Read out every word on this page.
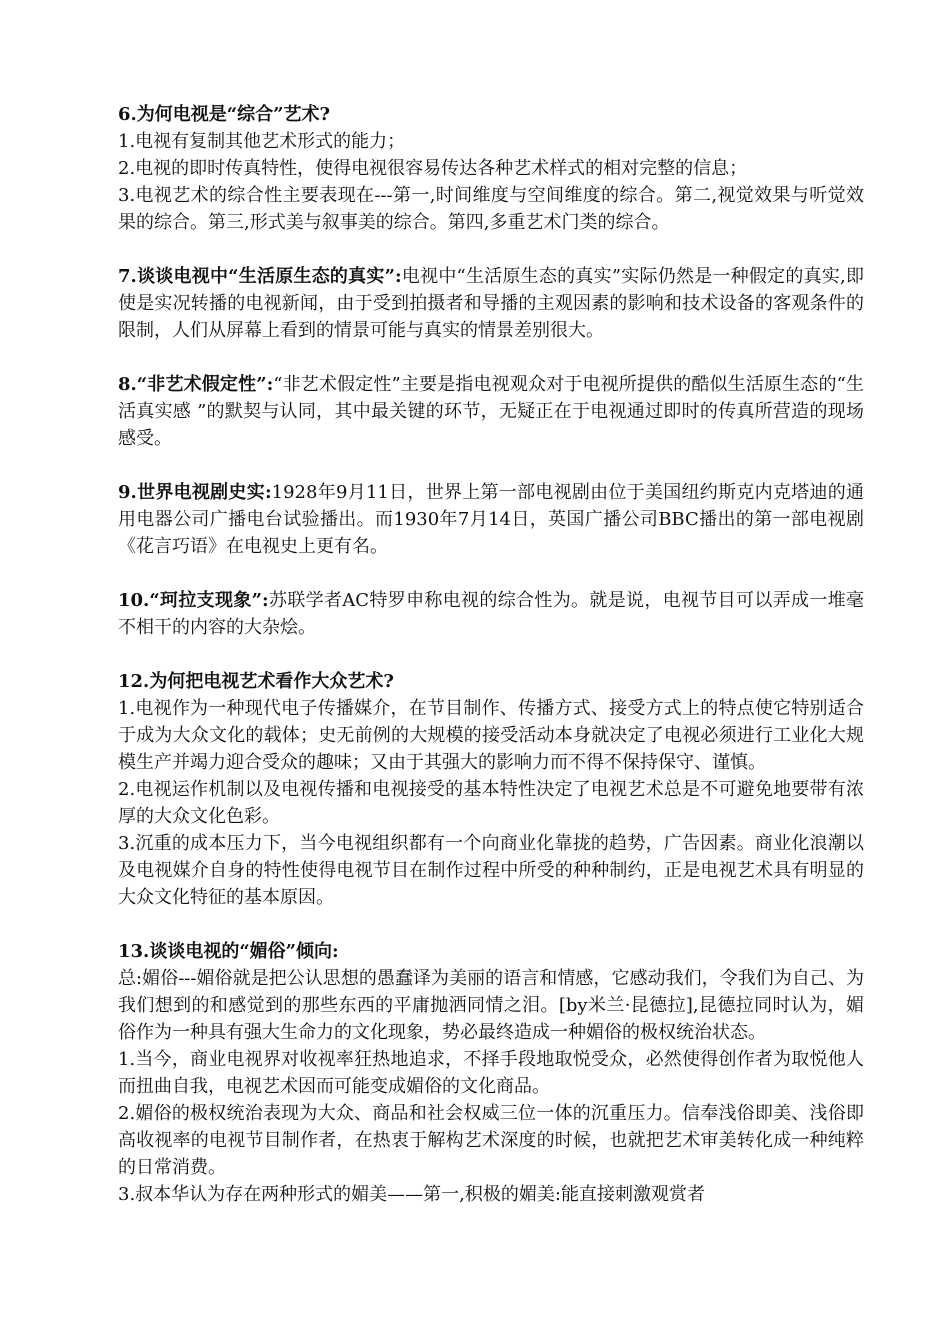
6.为何电视是“综合”艺术?
1.电视有复制其他艺术形式的能力；
2.电视的即时传真特性，使得电视很容易传达各种艺术样式的相对完整的信息；
3.电视艺术的综合性主要表现在---第一,时间维度与空间维度的综合。第二,视觉效果与听觉效果的综合。第三,形式美与叙事美的综合。第四,多重艺术门类的综合。
7.谈谈电视中“生活原生态的真实”:电视中“生活原生态的真实”实际仍然是一种假定的真实,即使是实况转播的电视新闻，由于受到拍摄者和导播的主观因素的影响和技术设备的客观条件的限制，人们从屏幕上看到的情景可能与真实的情景差别很大。
8.“非艺术假定性”:“非艺术假定性”主要是指电视观众对于电视所提供的酷似生活原生态的“生活真实感 ”的默契与认同，其中最关键的环节，无疑正在于电视通过即时的传真所营造的现场感受。
9.世界电视剧史实:1928年9月11日，世界上第一部电视剧由位于美国纽约斯克内克塔迪的通用电器公司广播电台试验播出。而1930年7月14日，英国广播公司BBC播出的第一部电视剧《花言巧语》在电视史上更有名。
10.“珂拉支现象”:苏联学者AC特罗申称电视的综合性为。就是说，电视节目可以弄成一堆毫不相干的内容的大杂烩。
12.为何把电视艺术看作大众艺术?
1.电视作为一种现代电子传播媒介，在节目制作、传播方式、接受方式上的特点使它特别适合于成为大众文化的载体；史无前例的大规模的接受活动本身就决定了电视必须进行工业化大规模生产并竭力迎合受众的趣味；又由于其强大的影响力而不得不保持保守、谨慎。
2.电视运作机制以及电视传播和电视接受的基本特性决定了电视艺术总是不可避免地要带有浓厚的大众文化色彩。
3.沉重的成本压力下，当今电视组织都有一个向商业化靠拢的趋势，广告因素。商业化浪潮以及电视媒介自身的特性使得电视节目在制作过程中所受的种种制约，正是电视艺术具有明显的大众文化特征的基本原因。
13.谈谈电视的“媚俗”倾向:
总:媚俗---媚俗就是把公认思想的愚蠢译为美丽的语言和情感，它感动我们，令我们为自己、为我们想到的和感觉到的那些东西的平庸抛洒同情之泪。[by米兰·昆德拉],昆德拉同时认为，媚俗作为一种具有强大生命力的文化现象，势必最终造成一种媚俗的极权统治状态。
1.当今，商业电视界对收视率狂热地追求，不择手段地取悦受众，必然使得创作者为取悦他人而扭曲自我，电视艺术因而可能变成媚俗的文化商品。
2.媚俗的极权统治表现为大众、商品和社会权威三位一体的沉重压力。信奉浅俗即美、浅俗即高收视率的电视节目制作者，在热衷于解构艺术深度的时候，也就把艺术审美转化成一种纯粹的日常消费。
3.叔本华认为存在两种形式的媚美——第一,积极的媚美:能直接刺激观赏者
